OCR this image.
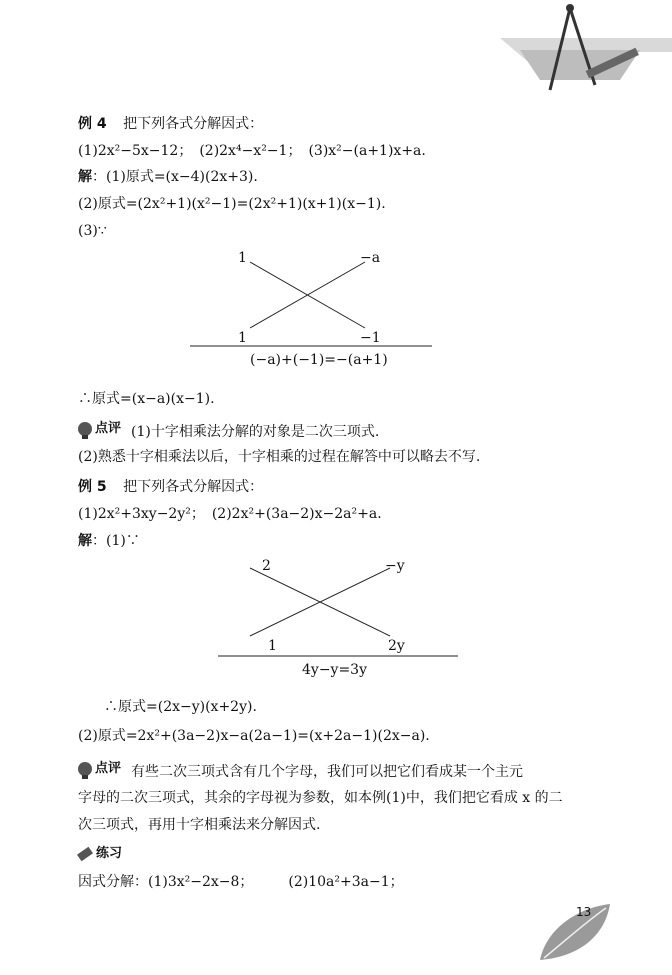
例 4 把下列各式分解因式：
(1)2x²−5x−12；　(2)2x⁴−x²−1；　(3)x²−(a+1)x+a.
解：(1)原式=(x−4)(2x+3).
(2)原式=(2x²+1)(x²−1)=(2x²+1)(x+1)(x−1).
(3)∵
1	−a
1	−1
(−a)+(−1)=−(a+1)
∴原式=(x−a)(x−1).
点评 (1)十字相乘法分解的对象是二次三项式.
(2)熟悉十字相乘法以后，十字相乘的过程在解答中可以略去不写.
例 5 把下列各式分解因式：
(1)2x²+3xy−2y²；　(2)2x²+(3a−2)x−2a²+a.
解：(1)∵
2	−y
1	2y
4y−y=3y
∴原式=(2x−y)(x+2y).
(2)原式=2x²+(3a−2)x−a(2a−1)=(x+2a−1)(2x−a).
点评 有些二次三项式含有几个字母，我们可以把它们看成某一个主元
字母的二次三项式，其余的字母视为参数，如本例(1)中，我们把它看成 x 的二
次三项式，再用十字相乘法来分解因式.
练习
因式分解：(1)3x²−2x−8；　　　(2)10a²+3a−1；
13
